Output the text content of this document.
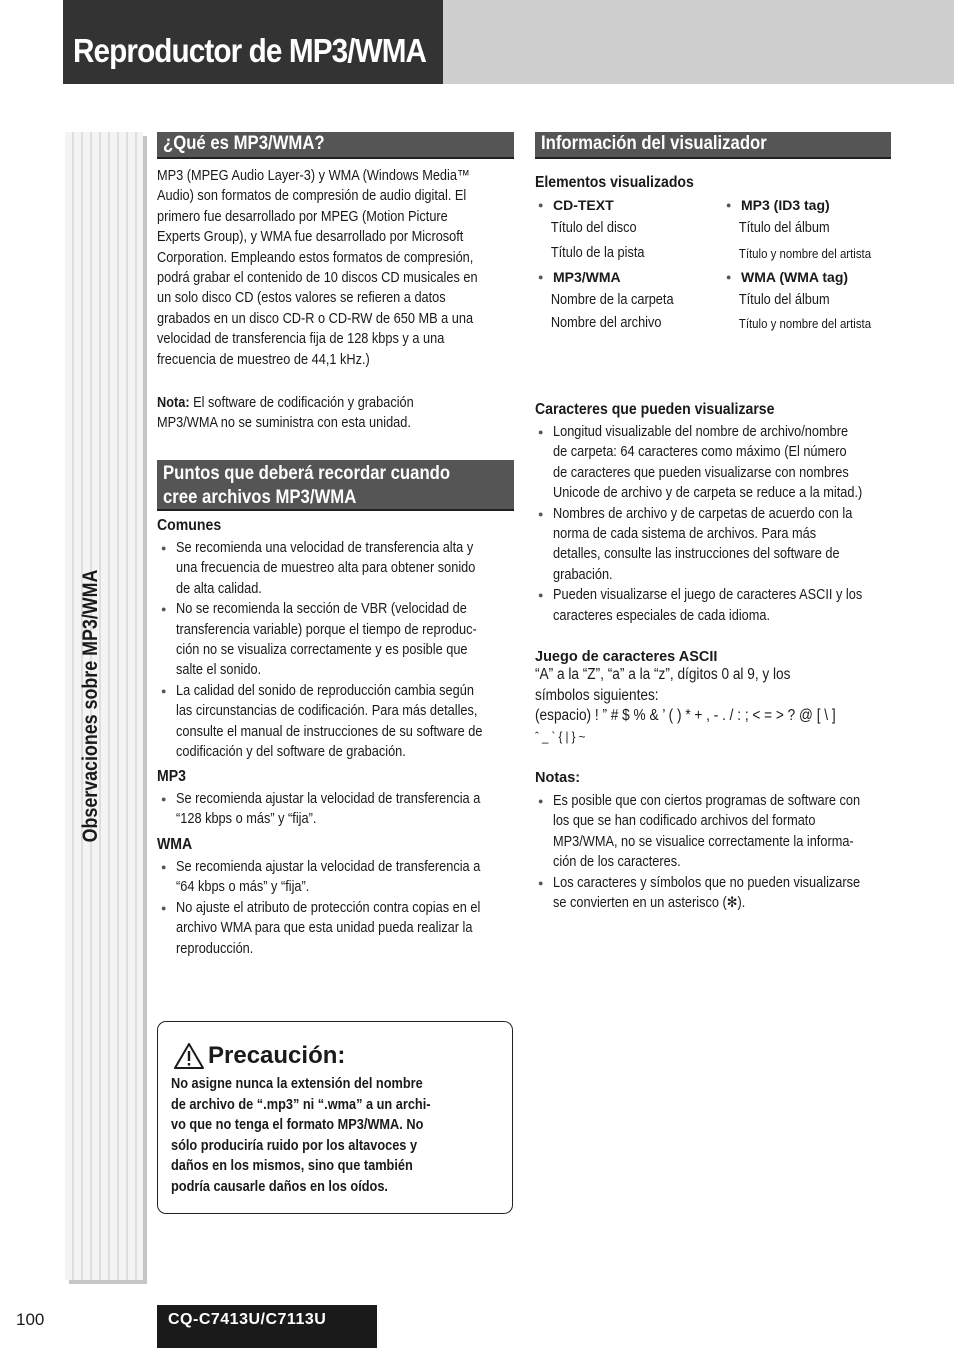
Reproductor de MP3/WMA
Observaciones sobre MP3/WMA
¿Qué es MP3/WMA?
MP3 (MPEG Audio Layer-3) y WMA (Windows Media™
Audio) son formatos de compresión de audio digital. El
primero fue desarrollado por MPEG (Motion Picture
Experts Group), y WMA fue desarrollado por Microsoft
Corporation. Empleando estos formatos de compresión,
podrá grabar el contenido de 10 discos CD musicales en
un solo disco CD (estos valores se refieren a datos
grabados en un disco CD-R o CD-RW de 650 MB a una
velocidad de transferencia fija de 128 kbps y a una
frecuencia de muestreo de 44,1 kHz.)
Nota: El software de codificación y grabación
MP3/WMA no se suministra con esta unidad.
Puntos que deberá recordar cuando
cree archivos MP3/WMA
Comunes
● Se recomienda una velocidad de transferencia alta y
una frecuencia de muestreo alta para obtener sonido
de alta calidad.
● No se recomienda la sección de VBR (velocidad de
transferencia variable) porque el tiempo de reproduc-
ción no se visualiza correctamente y es posible que
salte el sonido.
● La calidad del sonido de reproducción cambia según
las circunstancias de codificación. Para más detalles,
consulte el manual de instrucciones de su software de
codificación y del software de grabación.
MP3
● Se recomienda ajustar la velocidad de transferencia a
“128 kbps o más” y “fija”.
WMA
● Se recomienda ajustar la velocidad de transferencia a
“64 kbps o más” y “fija”.
● No ajuste el atributo de protección contra copias en el
archivo WMA para que esta unidad pueda realizar la
reproducción.
Precaución:
No asigne nunca la extensión del nombre
de archivo de “.mp3” ni “.wma” a un archi-
vo que no tenga el formato MP3/WMA. No
sólo produciría ruido por los altavoces y
daños en los mismos, sino que también
podría causarle daños en los oídos.
Información del visualizador
Elementos visualizados
● CD-TEXT
Título del disco
Título de la pista
● MP3/WMA
Nombre de la carpeta
Nombre del archivo
● MP3 (ID3 tag)
Título del álbum
Título y nombre del artista
● WMA (WMA tag)
Título del álbum
Título y nombre del artista
Caracteres que pueden visualizarse
● Longitud visualizable del nombre de archivo/nombre
de carpeta: 64 caracteres como máximo (El número
de caracteres que pueden visualizarse con nombres
Unicode de archivo y de carpeta se reduce a la mitad.)
● Nombres de archivo y de carpetas de acuerdo con la
norma de cada sistema de archivos. Para más
detalles, consulte las instrucciones del software de
grabación.
● Pueden visualizarse el juego de caracteres ASCII y los
caracteres especiales de cada idioma.
Juego de caracteres ASCII
“A” a la “Z”, “a” a la “z”, dígitos 0 al 9, y los
símbolos siguientes:
(espacio) ! ” # $ % & ’ ( ) * + , - . / : ; < = > ? @ [ \ ]
ˆ _ ` { | } ~
Notas:
● Es posible que con ciertos programas de software con
los que se han codificado archivos del formato
MP3/WMA, no se visualice correctamente la informa-
ción de los caracteres.
● Los caracteres y símbolos que no pueden visualizarse
se convierten en un asterisco (✻).
100	CQ-C7413U/C7113U
